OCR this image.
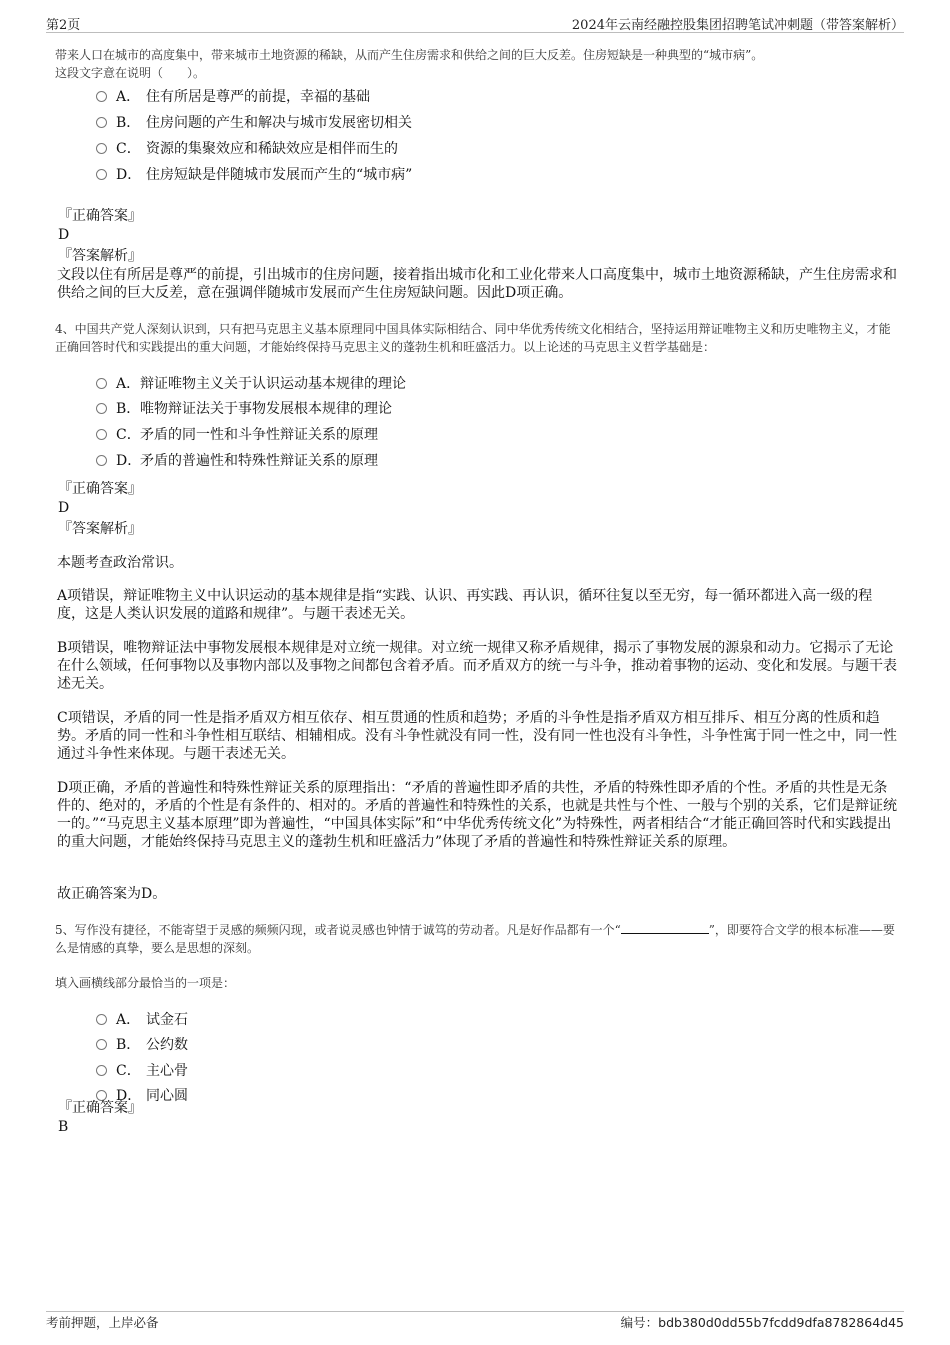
第2页	2024年云南经融控股集团招聘笔试冲刺题（带答案解析）
带来人口在城市的高度集中，带来城市土地资源的稀缺，从而产生住房需求和供给之间的巨大反差。住房短缺是一种典型的“城市病”。
这段文字意在说明（　　）。
A． 住有所居是尊严的前提，幸福的基础
B． 住房问题的产生和解决与城市发展密切相关
C． 资源的集聚效应和稀缺效应是相伴而生的
D． 住房短缺是伴随城市发展而产生的“城市病”
『正确答案』
D
『答案解析』
文段以住有所居是尊严的前提，引出城市的住房问题，接着指出城市化和工业化带来人口高度集中，城市土地资源稀缺，产生住房需求和供给之间的巨大反差，意在强调伴随城市发展而产生住房短缺问题。因此D项正确。
4、中国共产党人深刻认识到，只有把马克思主义基本原理同中国具体实际相结合、同中华优秀传统文化相结合，坚持运用辩证唯物主义和历史唯物主义，才能正确回答时代和实践提出的重大问题，才能始终保持马克思主义的蓬勃生机和旺盛活力。以上论述的马克思主义哲学基础是：
A．辩证唯物主义关于认识运动基本规律的理论
B．唯物辩证法关于事物发展根本规律的理论
C．矛盾的同一性和斗争性辩证关系的原理
D．矛盾的普遍性和特殊性辩证关系的原理
『正确答案』
D
『答案解析』
本题考查政治常识。
A项错误，辩证唯物主义中认识运动的基本规律是指“实践、认识、再实践、再认识，循环往复以至无穷，每一循环都进入高一级的程度，这是人类认识发展的道路和规律”。与题干表述无关。
B项错误，唯物辩证法中事物发展根本规律是对立统一规律。对立统一规律又称矛盾规律，揭示了事物发展的源泉和动力。它揭示了无论在什么领域，任何事物以及事物内部以及事物之间都包含着矛盾。而矛盾双方的统一与斗争，推动着事物的运动、变化和发展。与题干表述无关。
C项错误，矛盾的同一性是指矛盾双方相互依存、相互贯通的性质和趋势；矛盾的斗争性是指矛盾双方相互排斥、相互分离的性质和趋势。矛盾的同一性和斗争性相互联结、相辅相成。没有斗争性就没有同一性，没有同一性也没有斗争性，斗争性寓于同一性之中，同一性通过斗争性来体现。与题干表述无关。
D项正确，矛盾的普遍性和特殊性辩证关系的原理指出：“矛盾的普遍性即矛盾的共性，矛盾的特殊性即矛盾的个性。矛盾的共性是无条件的、绝对的，矛盾的个性是有条件的、相对的。矛盾的普遍性和特殊性的关系，也就是共性与个性、一般与个别的关系，它们是辩证统一的。”“马克思主义基本原理”即为普遍性，“中国具体实际”和“中华优秀传统文化”为特殊性，两者相结合“才能正确回答时代和实践提出的重大问题，才能始终保持马克思主义的蓬勃生机和旺盛活力”体现了矛盾的普遍性和特殊性辩证关系的原理。
故正确答案为D。
5、写作没有捷径，不能寄望于灵感的频频闪现，或者说灵感也钟情于诚笃的劳动者。凡是好作品都有一个“	”，即要符合文学的根本标准——要么是情感的真挚，要么是思想的深刻。
填入画横线部分最恰当的一项是：
A． 试金石
B． 公约数
C． 主心骨
D． 同心圆
『正确答案』
B
考前押题，上岸必备	编号：bdb380d0dd55b7fcdd9dfa8782864d45
